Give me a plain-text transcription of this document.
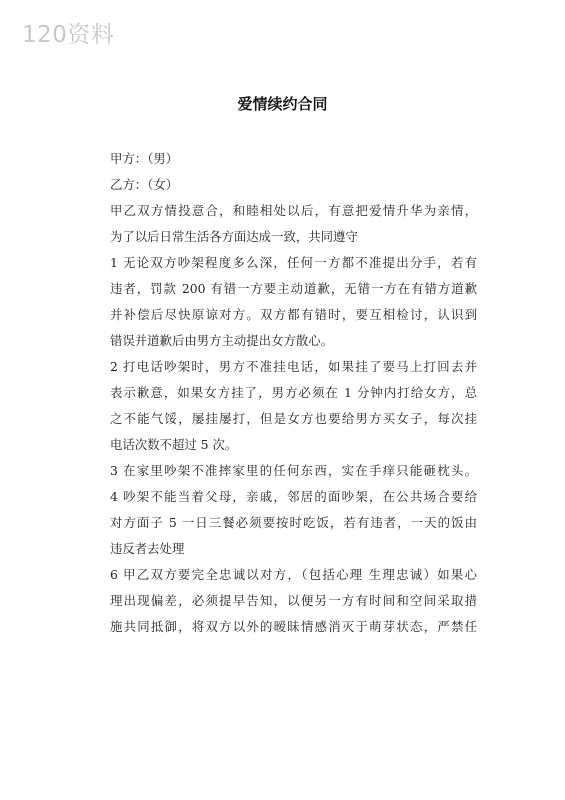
120资料
爱情续约合同
甲方：（男）
乙方：（女）
甲乙双方情投意合，和睦相处以后，有意把爱情升华为亲情，
为了以后日常生活各方面达成一致，共同遵守
1 无论双方吵架程度多么深，任何一方都不准提出分手，若有
违者，罚款 200 有错一方要主动道歉，无错一方在有错方道歉
并补偿后尽快原谅对方。双方都有错时，要互相检讨，认识到
错误并道歉后由男方主动提出女方散心。
2 打电话吵架时，男方不准挂电话，如果挂了要马上打回去并
表示歉意，如果女方挂了，男方必须在 1 分钟内打给女方，总
之不能气馁，屡挂屡打，但是女方也要给男方买女子，每次挂
电话次数不超过 5 次。
3 在家里吵架不准摔家里的任何东西，实在手痒只能砸枕头。
4 吵架不能当着父母，亲戚，邻居的面吵架，在公共场合要给
对方面子 5 一日三餐必须要按时吃饭，若有违者，一天的饭由
违反者去处理
6 甲乙双方要完全忠诚以对方，（包括心理 生理忠诚）如果心
理出现偏差，必须提早告知，以便另一方有时间和空间采取措
施共同抵御，将双方以外的暧昧情感消灭于萌芽状态，严禁任
